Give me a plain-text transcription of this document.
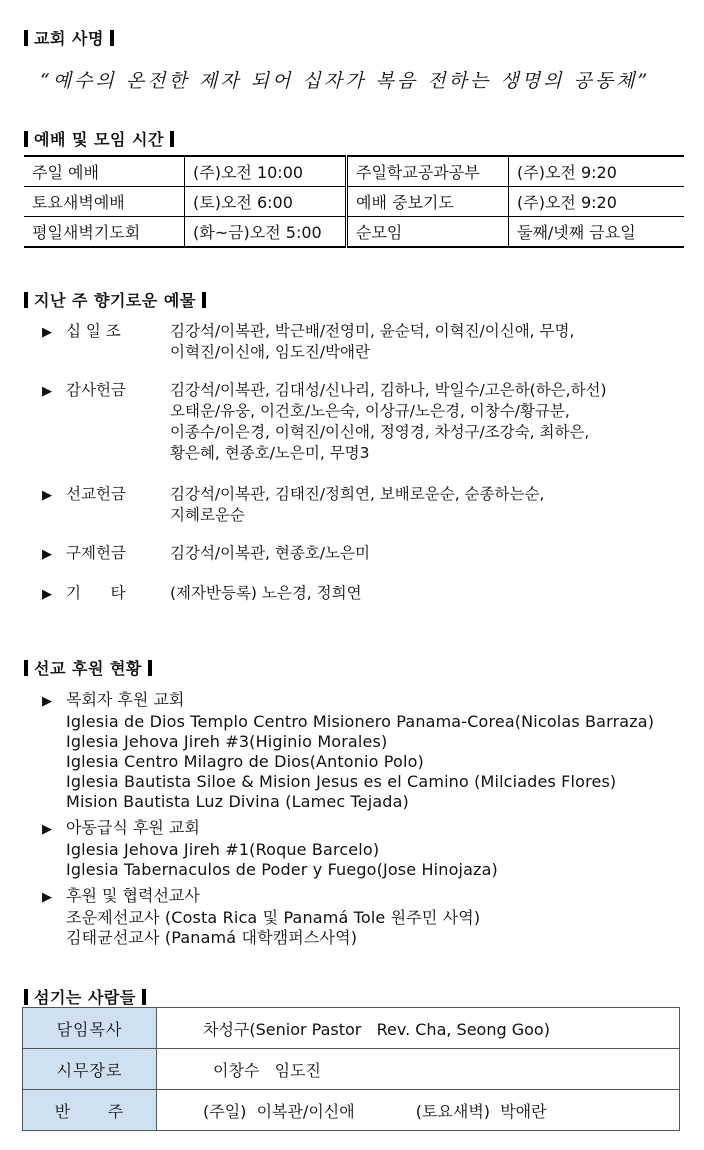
교회 사명
“예수의 온전한 제자 되어 십자가 복음 전하는 생명의 공동체”
예배 및 모임 시간
주일 예배	(주)오전 10:00	주일학교공과공부	(주)오전 9:20
토요새벽예배	(토)오전 6:00	예배 중보기도	(주)오전 9:20
평일새벽기도회	(화~금)오전 5:00	순모임	둘째/넷째 금요일
지난 주 향기로운 예물
▶ 십 일 조	김강석/이복관, 박근배/전영미, 윤순덕, 이혁진/이신애, 무명,
이혁진/이신애, 임도진/박애란
▶ 감사헌금	김강석/이복관, 김대성/신나리, 김하나, 박일수/고은하(하은,하선)
오태운/유웅, 이건호/노은숙, 이상규/노은경, 이창수/황규분,
이종수/이은경, 이혁진/이신애, 정영경, 차성구/조강숙, 최하은,
황은혜, 현종호/노은미, 무명3
▶ 선교헌금	김강석/이복관, 김태진/정희연, 보배로운순, 순종하는순,
지혜로운순
▶ 구제헌금	김강석/이복관, 현종호/노은미
▶ 기      타	(제자반등록) 노은경, 정희연
선교 후원 현황
▶ 목회자 후원 교회
Iglesia de Dios Templo Centro Misionero Panama-Corea(Nicolas Barraza)
Iglesia Jehova Jireh #3(Higinio Morales)
Iglesia Centro Milagro de Dios(Antonio Polo)
Iglesia Bautista Siloe & Mision Jesus es el Camino (Milciades Flores)
Mision Bautista Luz Divina (Lamec Tejada)
▶ 아동급식 후원 교회
Iglesia Jehova Jireh #1(Roque Barcelo)
Iglesia Tabernaculos de Poder y Fuego(Jose Hinojaza)
▶ 후원 및 협력선교사
조운제선교사 (Costa Rica 및 Panamá Tole 원주민 사역)
김태균선교사 (Panamá 대학캠퍼스사역)
섬기는 사람들
담임목사	차성구(Senior Pastor   Rev. Cha, Seong Goo)
시무장로	이창수   임도진
반      주	(주일)  이복관/이신애            (토요새벽)  박애란
